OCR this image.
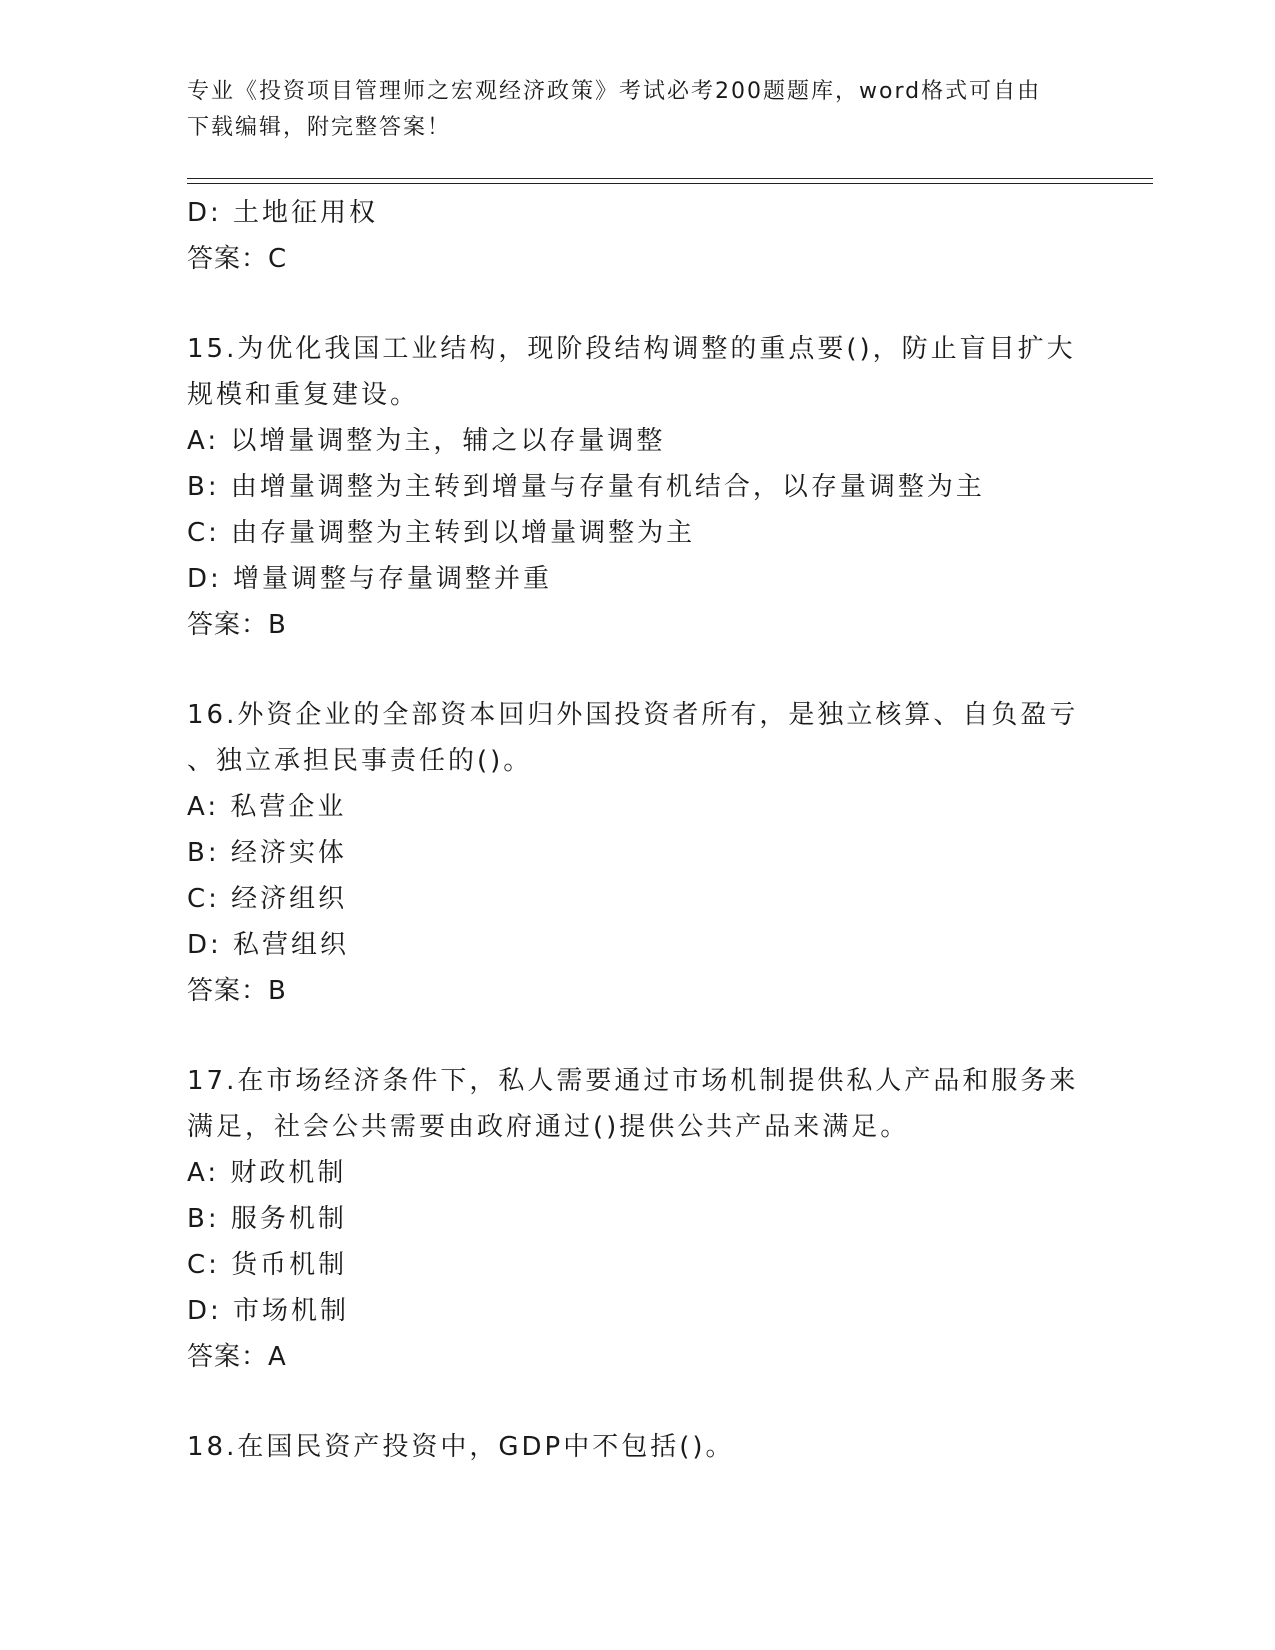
专业《投资项目管理师之宏观经济政策》考试必考200题题库，word格式可自由
下载编辑，附完整答案！
D: 土地征用权
答案：C
15.为优化我国工业结构，现阶段结构调整的重点要()，防止盲目扩大
规模和重复建设。
A: 以增量调整为主，辅之以存量调整
B: 由增量调整为主转到增量与存量有机结合，以存量调整为主
C: 由存量调整为主转到以增量调整为主
D: 增量调整与存量调整并重
答案：B
16.外资企业的全部资本回归外国投资者所有，是独立核算、自负盈亏
、独立承担民事责任的()。
A: 私营企业
B: 经济实体
C: 经济组织
D: 私营组织
答案：B
17.在市场经济条件下，私人需要通过市场机制提供私人产品和服务来
满足，社会公共需要由政府通过()提供公共产品来满足。
A: 财政机制
B: 服务机制
C: 货币机制
D: 市场机制
答案：A
18.在国民资产投资中，GDP中不包括()。
